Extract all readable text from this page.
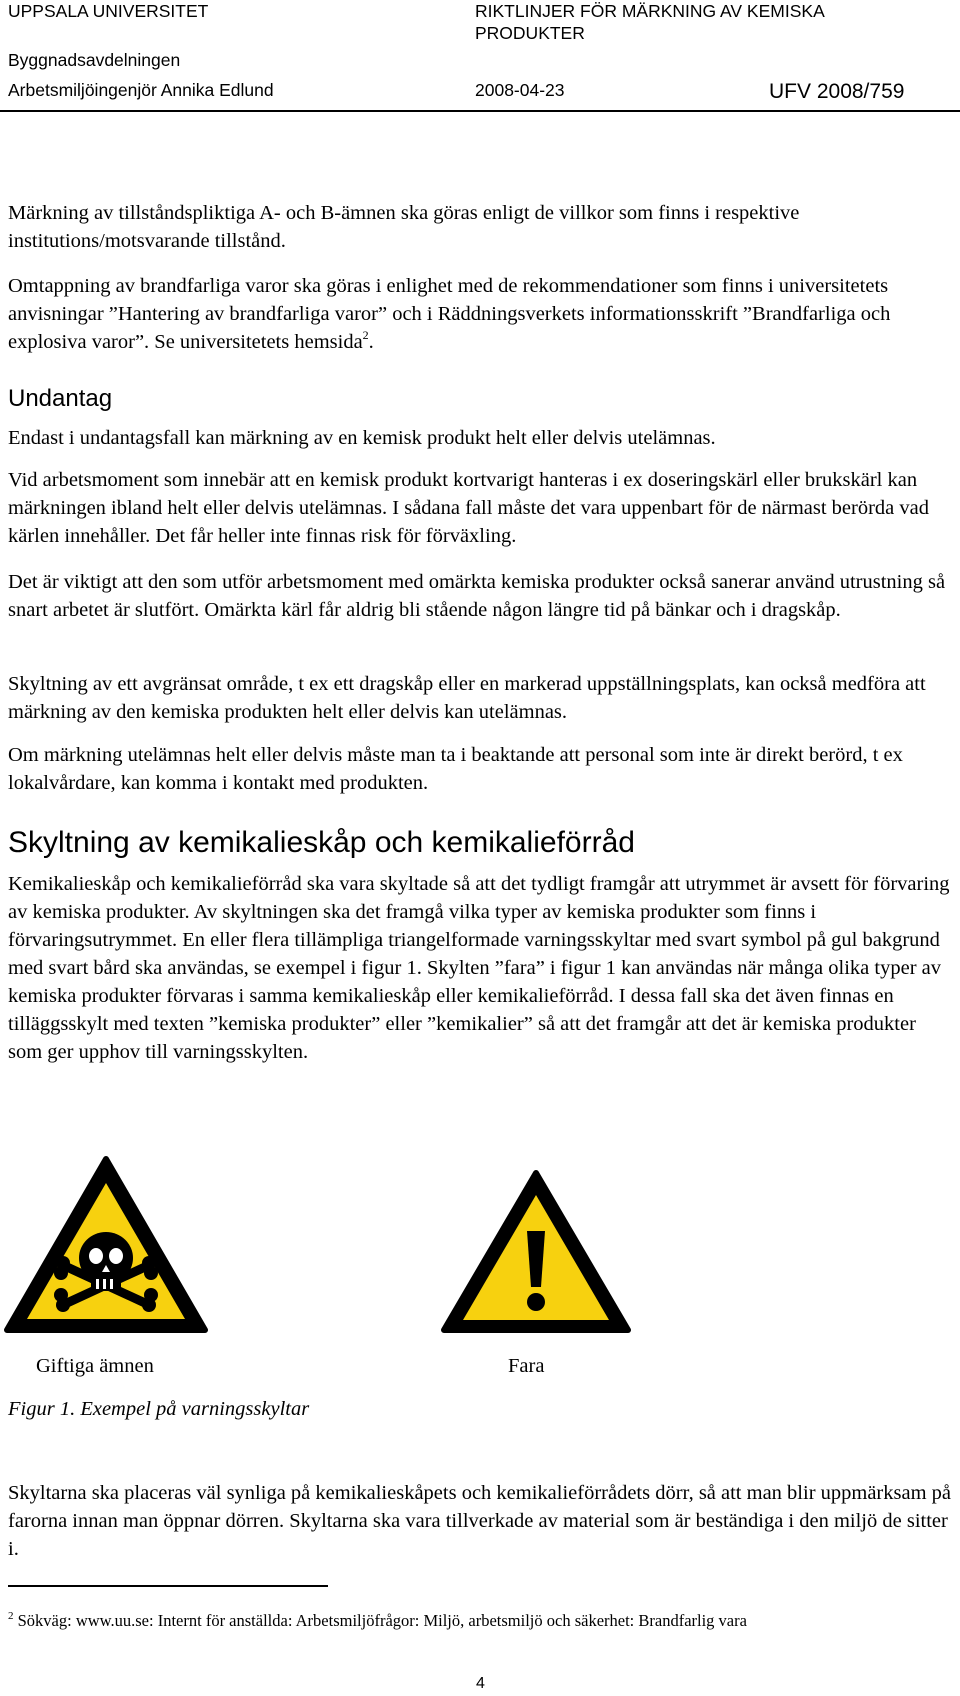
UPPSALA UNIVERSITET	RIKTLINJER FÖR MÄRKNING AV KEMISKA PRODUKTER
Byggnadsavdelningen
Arbetsmiljöingenjör Annika Edlund	2008-04-23	UFV 2008/759
Märkning av tillståndspliktiga A- och B-ämnen ska göras enligt de villkor som finns i respektive institutions/motsvarande tillstånd.
Omtappning av brandfarliga varor ska göras i enlighet med de rekommendationer som finns i universitetets anvisningar ”Hantering av brandfarliga varor” och i Räddningsverkets informationsskrift ”Brandfarliga och explosiva varor”. Se universitetets hemsida$^2$.
Undantag
Endast i undantagsfall kan märkning av en kemisk produkt helt eller delvis utelämnas.
Vid arbetsmoment som innebär att en kemisk produkt kortvarigt hanteras i ex doseringskärl eller brukskärl kan märkningen ibland helt eller delvis utelämnas. I sådana fall måste det vara uppenbart för de närmast berörda vad kärlen innehåller. Det får heller inte finnas risk för förväxling.
Det är viktigt att den som utför arbetsmoment med omärkta kemiska produkter också sanerar använd utrustning så snart arbetet är slutfört. Omärkta kärl får aldrig bli stående någon längre tid på bänkar och i dragskåp.
Skyltning av ett avgränsat område, t ex ett dragskåp eller en markerad uppställningsplats, kan också medföra att märkning av den kemiska produkten helt eller delvis kan utelämnas.
Om märkning utelämnas helt eller delvis måste man ta i beaktande att personal som inte är direkt berörd, t ex lokalvårdare, kan komma i kontakt med produkten.
Skyltning av kemikalieskåp och kemikalieförråd
Kemikalieskåp och kemikalieförråd ska vara skyltade så att det tydligt framgår att utrymmet är avsett för förvaring av kemiska produkter. Av skyltningen ska det framgå vilka typer av kemiska produkter som finns i förvaringsutrymmet. En eller flera tillämpliga triangelformade varningsskyltar med svart symbol på gul bakgrund med svart bård ska användas, se exempel i figur 1. Skylten ”fara” i figur 1 kan användas när många olika typer av kemiska produkter förvaras i samma kemikalieskåp eller kemikalieförråd. I dessa fall ska det även finnas en tilläggsskylt med texten ”kemiska produkter” eller ”kemikalier” så att det framgår att det är kemiska produkter som ger upphov till varningsskylten.
Giftiga ämnen	Fara
Figur 1. Exempel på varningsskyltar
Skyltarna ska placeras väl synliga på kemikalieskåpets och kemikalieförrådets dörr, så att man blir uppmärksam på farorna innan man öppnar dörren. Skyltarna ska vara tillverkade av material som är beständiga i den miljö de sitter i.
$^2$ Sökväg: www.uu.se: Internt för anställda: Arbetsmiljöfrågor: Miljö, arbetsmiljö och säkerhet: Brandfarlig vara
4
